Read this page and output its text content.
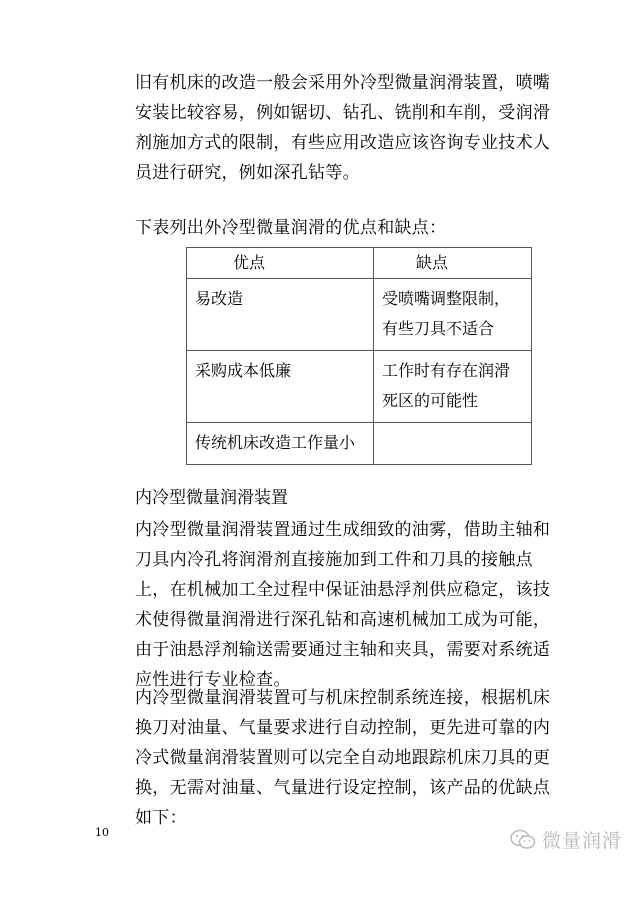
旧有机床的改造一般会采用外冷型微量润滑装置，喷嘴安装比较容易，例如锯切、钻孔、铣削和车削，受润滑剂施加方式的限制，有些应用改造应该咨询专业技术人员进行研究，例如深孔钻等。

下表列出外冷型微量润滑的优点和缺点：

优点	缺点
易改造	受喷嘴调整限制，有些刀具不适合
采购成本低廉	工作时有存在润滑死区的可能性
传统机床改造工作量小	

内冷型微量润滑装置

内冷型微量润滑装置通过生成细致的油雾，借助主轴和刀具内冷孔将润滑剂直接施加到工件和刀具的接触点上，在机械加工全过程中保证油悬浮剂供应稳定，该技术使得微量润滑进行深孔钻和高速机械加工成为可能，由于油悬浮剂输送需要通过主轴和夹具，需要对系统适应性进行专业检查。

内冷型微量润滑装置可与机床控制系统连接，根据机床换刀对油量、气量要求进行自动控制，更先进可靠的内冷式微量润滑装置则可以完全自动地跟踪机床刀具的更换，无需对油量、气量进行设定控制，该产品的优缺点如下：

10	微量润滑
